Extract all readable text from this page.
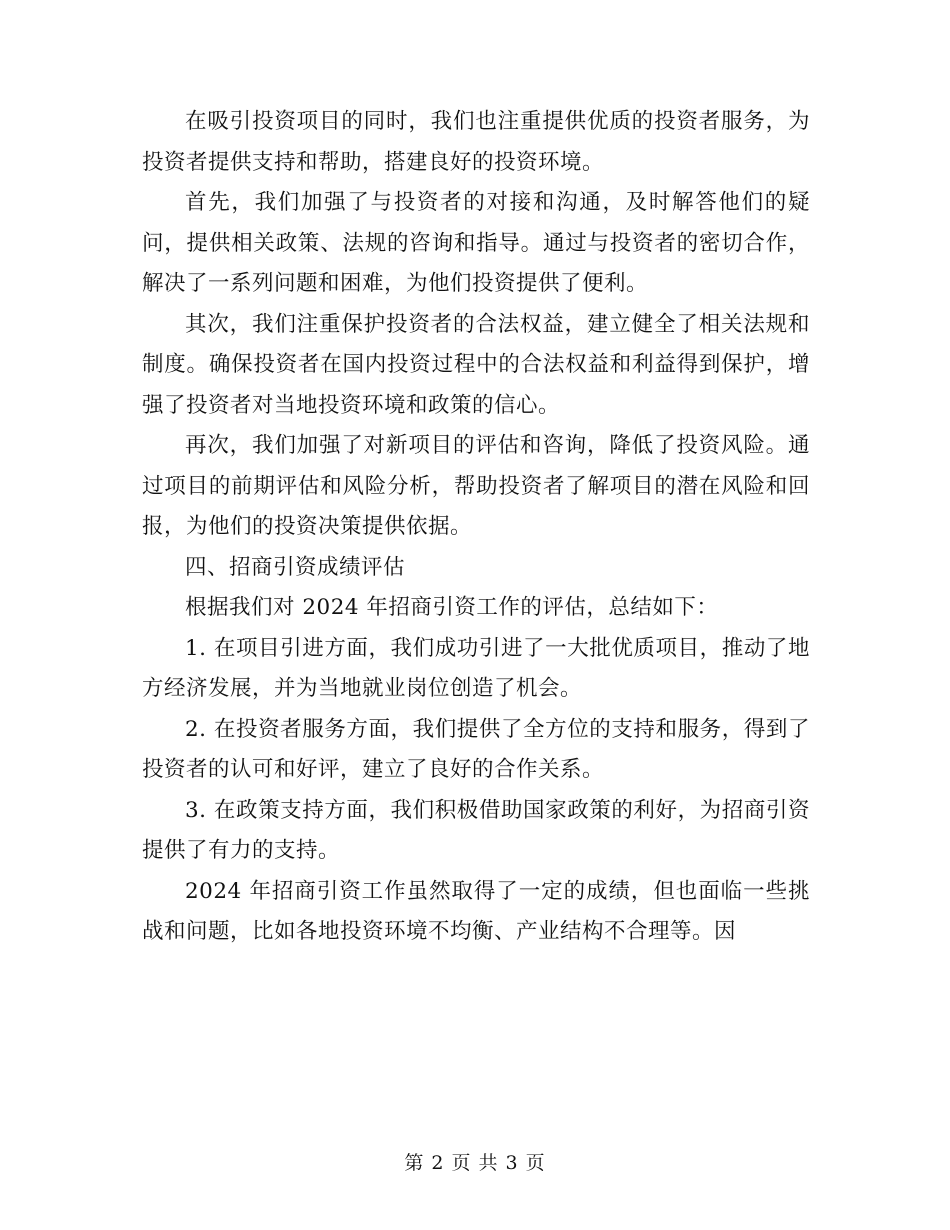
在吸引投资项目的同时，我们也注重提供优质的投资者服务，为投资者提供支持和帮助，搭建良好的投资环境。

首先，我们加强了与投资者的对接和沟通，及时解答他们的疑问，提供相关政策、法规的咨询和指导。通过与投资者的密切合作，解决了一系列问题和困难，为他们投资提供了便利。

其次，我们注重保护投资者的合法权益，建立健全了相关法规和制度。确保投资者在国内投资过程中的合法权益和利益得到保护，增强了投资者对当地投资环境和政策的信心。

再次，我们加强了对新项目的评估和咨询，降低了投资风险。通过项目的前期评估和风险分析，帮助投资者了解项目的潜在风险和回报，为他们的投资决策提供依据。

四、招商引资成绩评估

根据我们对 2024 年招商引资工作的评估，总结如下：

1. 在项目引进方面，我们成功引进了一大批优质项目，推动了地方经济发展，并为当地就业岗位创造了机会。

2. 在投资者服务方面，我们提供了全方位的支持和服务，得到了投资者的认可和好评，建立了良好的合作关系。

3. 在政策支持方面，我们积极借助国家政策的利好，为招商引资提供了有力的支持。

2024 年招商引资工作虽然取得了一定的成绩，但也面临一些挑战和问题，比如各地投资环境不均衡、产业结构不合理等。因

第 2 页 共 3 页
